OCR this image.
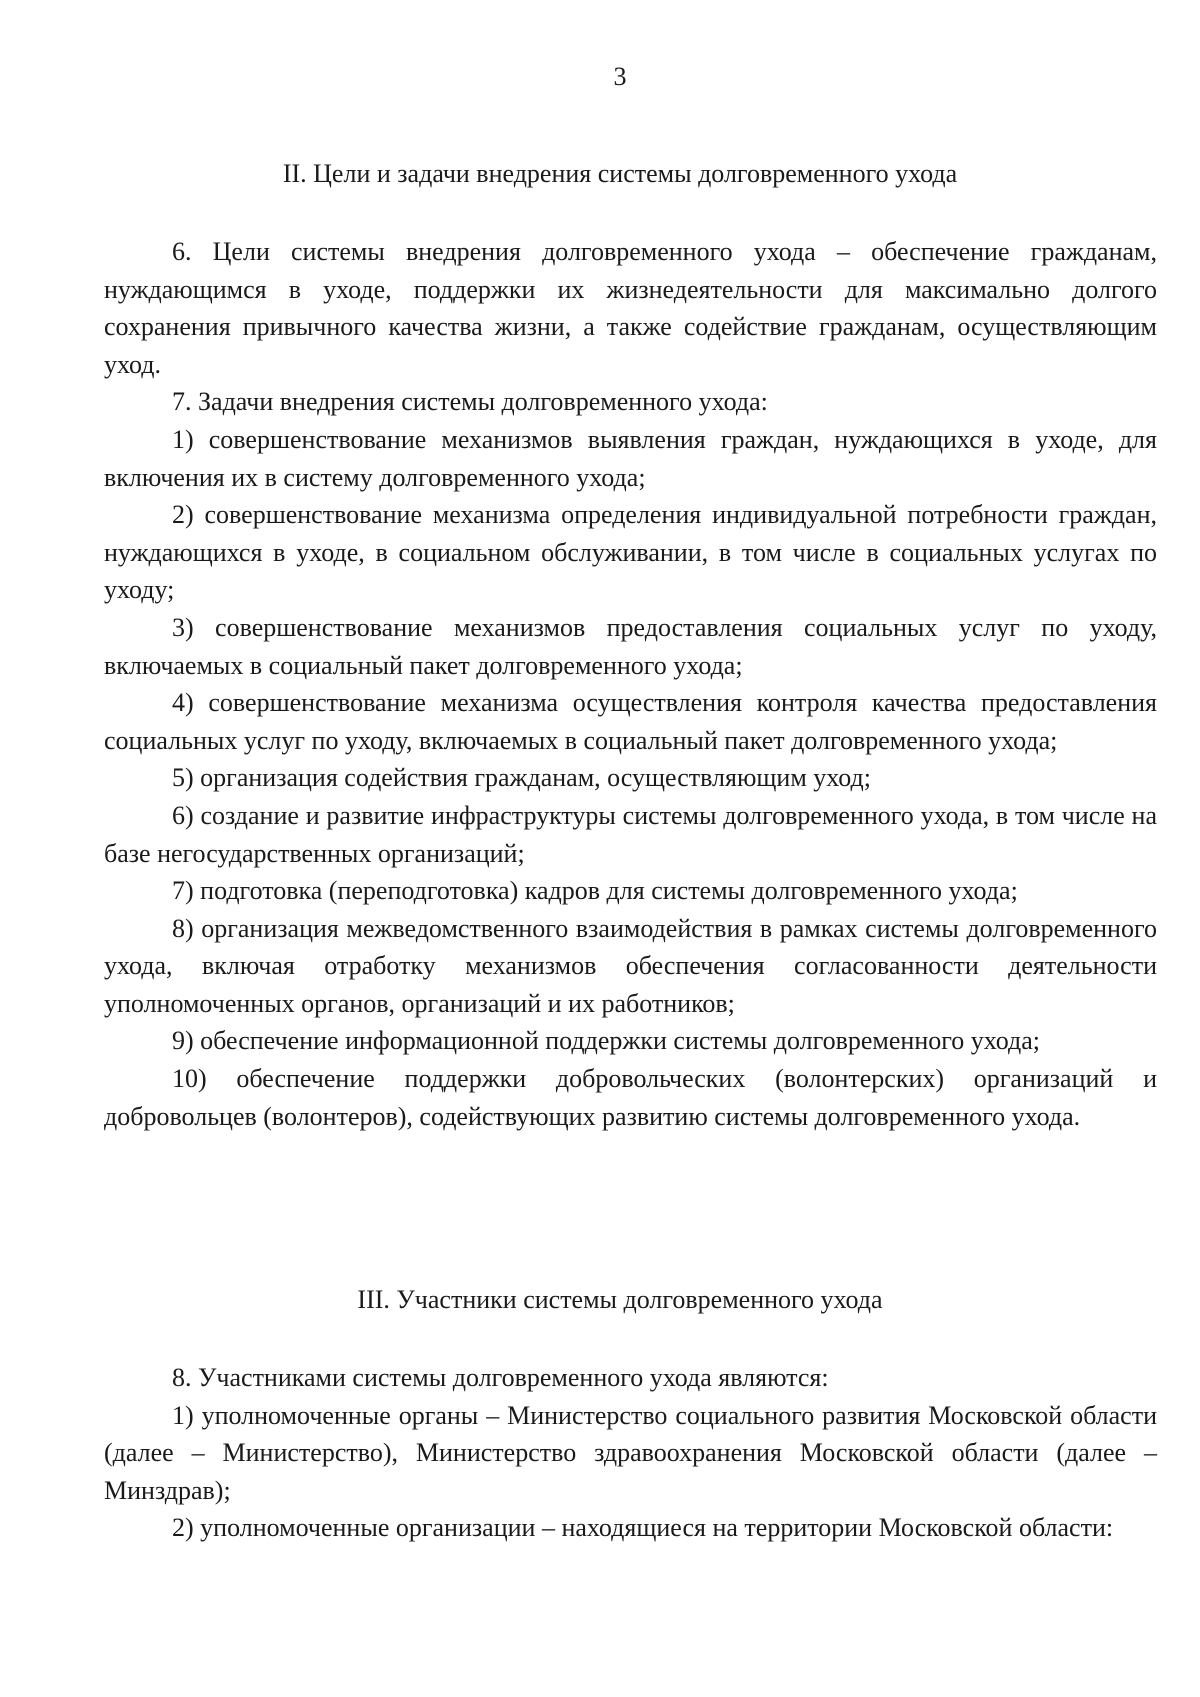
3
II. Цели и задачи внедрения системы долговременного ухода

6. Цели системы внедрения долговременного ухода – обеспечение гражданам, нуждающимся в уходе, поддержки их жизнедеятельности для максимально долгого сохранения привычного качества жизни, а также содействие гражданам, осуществляющим уход.

7. Задачи внедрения системы долговременного ухода:

1) совершенствование механизмов выявления граждан, нуждающихся в уходе, для включения их в систему долговременного ухода;

2) совершенствование механизма определения индивидуальной потребности граждан, нуждающихся в уходе, в социальном обслуживании, в том числе в социальных услугах по уходу;

3) совершенствование механизмов предоставления социальных услуг по уходу, включаемых в социальный пакет долговременного ухода;

4) совершенствование механизма осуществления контроля качества предоставления социальных услуг по уходу, включаемых в социальный пакет долговременного ухода;

5) организация содействия гражданам, осуществляющим уход;

6) создание и развитие инфраструктуры системы долговременного ухода, в том числе на базе негосударственных организаций;

7) подготовка (переподготовка) кадров для системы долговременного ухода;

8) организация межведомственного взаимодействия в рамках системы долговременного ухода, включая отработку механизмов обеспечения согласованности деятельности уполномоченных органов, организаций и их работников;

9) обеспечение информационной поддержки системы долговременного ухода;

10) обеспечение поддержки добровольческих (волонтерских) организаций и добровольцев (волонтеров), содействующих развитию системы долговременного ухода.

III. Участники системы долговременного ухода

8. Участниками системы долговременного ухода являются:

1) уполномоченные органы – Министерство социального развития Московской области (далее – Министерство), Министерство здравоохранения Московской области (далее – Минздрав);

2) уполномоченные организации – находящиеся на территории Московской области:
